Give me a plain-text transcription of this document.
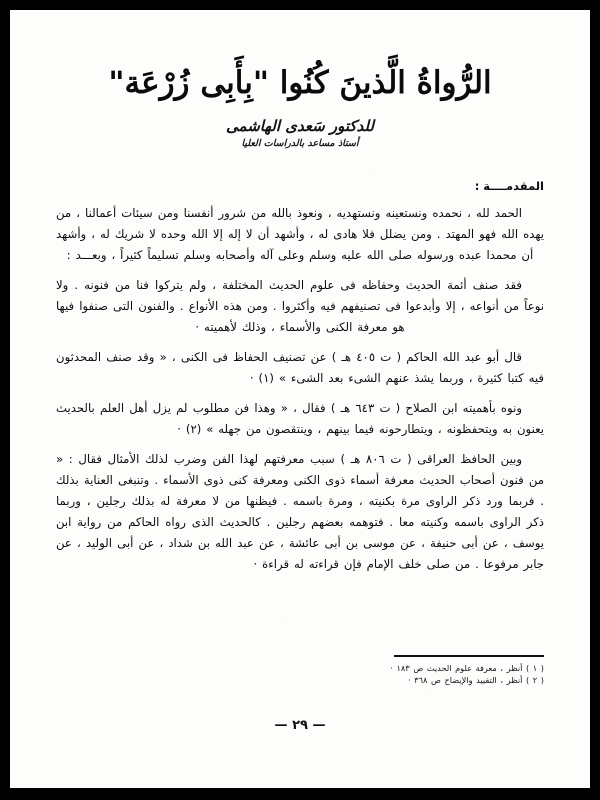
الرُّواةُ الَّذينَ كُنُوا "بِأَبِى زُرْعَة"
للدكتور سَعدى الهاشمى
أستاذ مساعد بالدراسات العليا
المقدمــــة :

الحمد لله ، نحمده ونستعينه ونستهديه ، ونعوذ بالله من شرور أنفسنا ومن سيئات أعمالنا ، من يهده الله فهو المهتد . ومن يضلل فلا هادى له ، وأشهد أن لا إله إلا الله وحده لا شريك له ، وأشهد أن محمدا عبده ورسوله صلى الله عليه وسلم وعلى آله وأصحابه وسلم تسليماً كثيراً ، وبعـــد :

فقد صنف أئمة الحديث وحفاظه فى علوم الحديث المختلفة ، ولم يتركوا فنا من فنونه . ولا نوعاً من أنواعه ، إلا وأبدعوا فى تصنيفهم فيه وأكثروا . ومن هذه الأنواع . والفنون التى صنفوا فيها هو معرفة الكنى والأسماء ، وذلك لأهميته ·

قال أبو عبد الله الحاكم ( ت ٤٠٥ هـ ) عن تصنيف الحفاظ فى الكنى ، « وقد صنف المحدثون فيه كتبا كثيرة ، وربما يشذ عنهم الشىء بعد الشىء » (١) ·

ونوه بأهميته ابن الصلاح ( ت ٦٤٣ هـ ) فقال ، « وهذا فن مطلوب لم يزل أهل العلم بالحديث يعنون به ويتحفظونه ، ويتطارحونه فيما بينهم ، وينتقصون من جهله » (٢) ·

وبين الحافظ العراقى ( ت ٨٠٦ هـ ) سبب معرفتهم لهذا الفن وضرب لذلك الأمثال فقال : « من فنون أصحاب الحديث معرفة أسماء ذوى الكنى ومعرفة كنى ذوى الأسماء . وتنبغى العناية بذلك . فربما ورد ذكر الراوى مرة بكنيته ، ومرة باسمه . فيظنها من لا معرفة له بذلك رجلين ، وربما ذكر الراوى باسمه وكنيته معا . فتوهمه بعضهم رجلين . كالحديث الذى رواه الحاكم من رواية ابن يوسف ، عن أبى حنيفة ، عن موسى بن أبى عائشة ، عن عبد الله بن شداد ، عن أبى الوليد ، عن جابر مرفوعا . من صلى خلف الإمام فإن قراءته له قراءة ·

( ١ ) أنظر ، معرفة علوم الحديث ص ١٨٣ ·
( ٢ ) أنظر ، التقييد والإيضاح ص ٣٦٨ ·
— ٢٩ —
